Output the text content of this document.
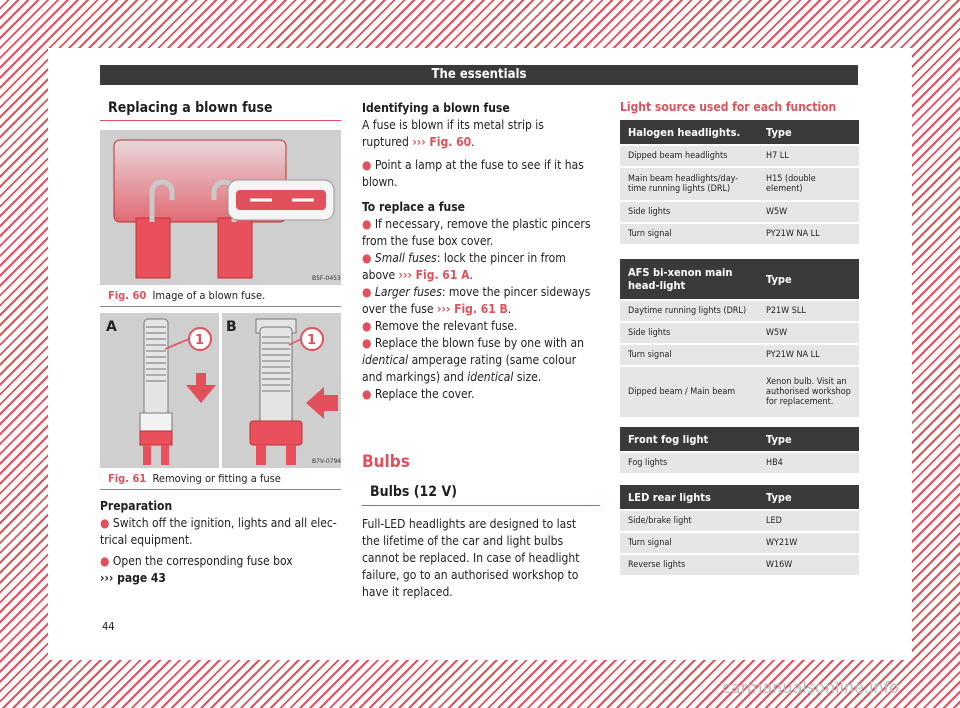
The essentials
Replacing a blown fuse
B5F-0453
Fig. 60 Image of a blown fuse.
A	B
1	1
B7V-0794
Fig. 61 Removing or fitting a fuse

Preparation

● Switch off the ignition, lights and all elec-trical equipment.

● Open the corresponding fuse box
››› page 43

Identifying a blown fuse

A fuse is blown if its metal strip is ruptured ››› Fig. 60.

● Point a lamp at the fuse to see if it has blown.

To replace a fuse

● If necessary, remove the plastic pincers from the fuse box cover.

● Small fuses: lock the pincer in from above ››› Fig. 61 A.

● Larger fuses: move the pincer sideways over the fuse ››› Fig. 61 B.

● Remove the relevant fuse.

● Replace the blown fuse by one with an identical amperage rating (same colour and markings) and identical size.

● Replace the cover.

Bulbs
Bulbs (12 V)
Full-LED headlights are designed to last the lifetime of the car and light bulbs cannot be replaced. In case of headlight failure, go to an authorised workshop to have it replaced.
Light source used for each function
Halogen headlights.	Type
Dipped beam headlights	H7 LL
Main beam headlights/day-time running lights (DRL)	H15 (double element)
Side lights	W5W
Turn signal	PY21W NA LL
AFS bi-xenon main head-light	Type
Daytime running lights (DRL)	P21W SLL
Side lights	W5W
Turn signal	PY21W NA LL
Dipped beam / Main beam	Xenon bulb. Visit an authorised workshop for replacement.
Front fog light	Type
Fog lights	HB4
LED rear lights	Type
Side/brake light	LED
Turn signal	WY21W
Reverse lights	W16W
44
carmanualsonline.info
